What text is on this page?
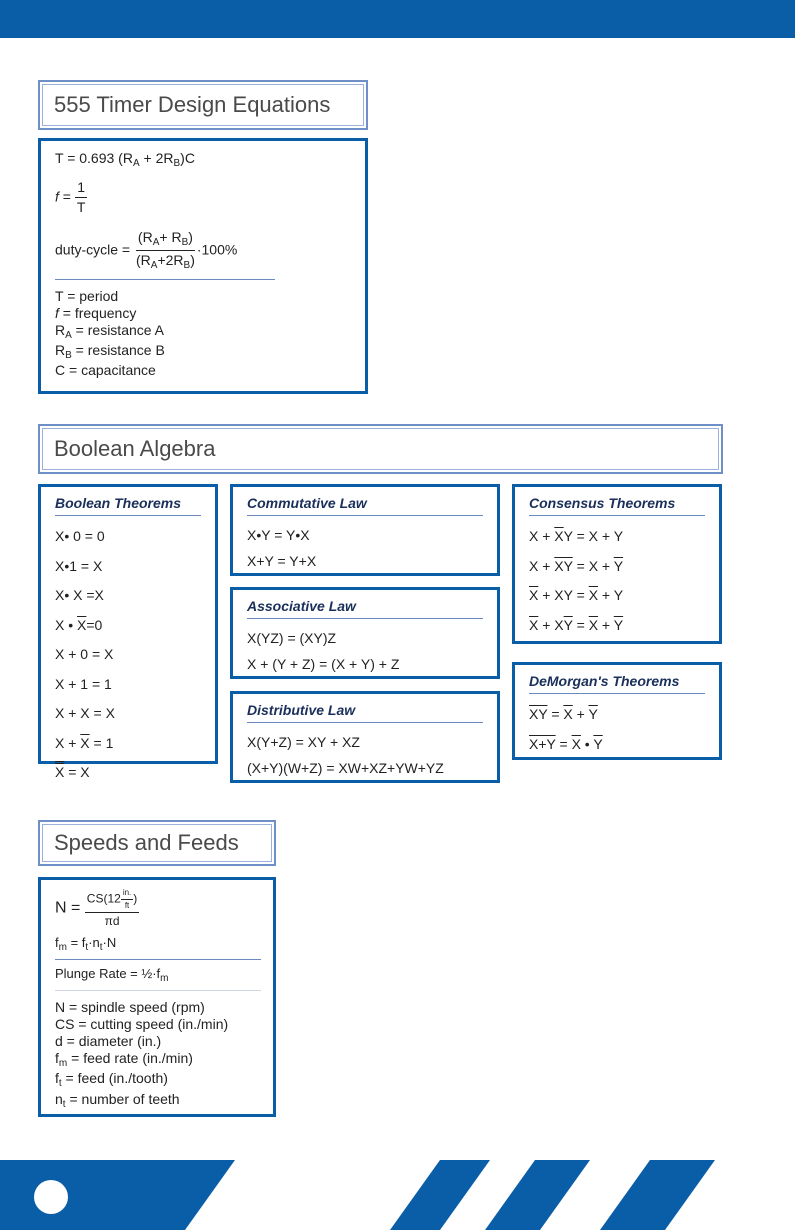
555 Timer Design Equations
T = 0.693 $(R_A + 2R_B)C$
$f = \frac{1}{T}$
duty-cycle = $\frac{(R_A+ R_B)}{(R_A+2R_B)} \cdot 100\%$
T = period
f = frequency
$R_A$ = resistance A
$R_B$ = resistance B
C = capacitance
Boolean Algebra
Boolean Theorems
X• 0 = 0
X•1 = X
X• X =X
X • $\overline{X}=0$
X + 0 = X
X + 1 = 1
X + X = X
$X + \overline{X} = 1$
X = X
Commutative Law
X•Y = Y•X
X+Y = Y+X
Associative Law
X(YZ) = (XY)Z
X + (Y + Z) = (X + Y) + Z
Distributive Law
X(Y+Z) = XY + XZ
(X+Y)(W+Z) = XW+XZ+YW+YZ
Consensus Theorems
$X + \overline{X}Y = X + Y$
$X + \overline{XY} = X + \overline{Y}$
$\overline{X}$ + XY = $\overline{X} + Y$
$\overline{X} + X\overline{Y} = \overline{X} + \overline{Y}$
DeMorgan's Theorems
$\overline{XY} = \overline{X} + \overline{Y}$
$X+Y = \overline{X}$ • $\overline{Y}$
Speeds and Feeds
$N = \frac{CS(12 \frac{in.}{ft} )}{\pi d}$
$f_m = f_t\cdot n_t\cdot N$
Plunge Rate = $\frac{1}{2}\cdot f_m$
N = spindle speed (rpm)
CS = cutting speed (in./min)
d = diameter (in.)
$f_m$ = feed rate (in./min)
$f_t$ = feed (in./tooth)
$n_t$ = number of teeth
